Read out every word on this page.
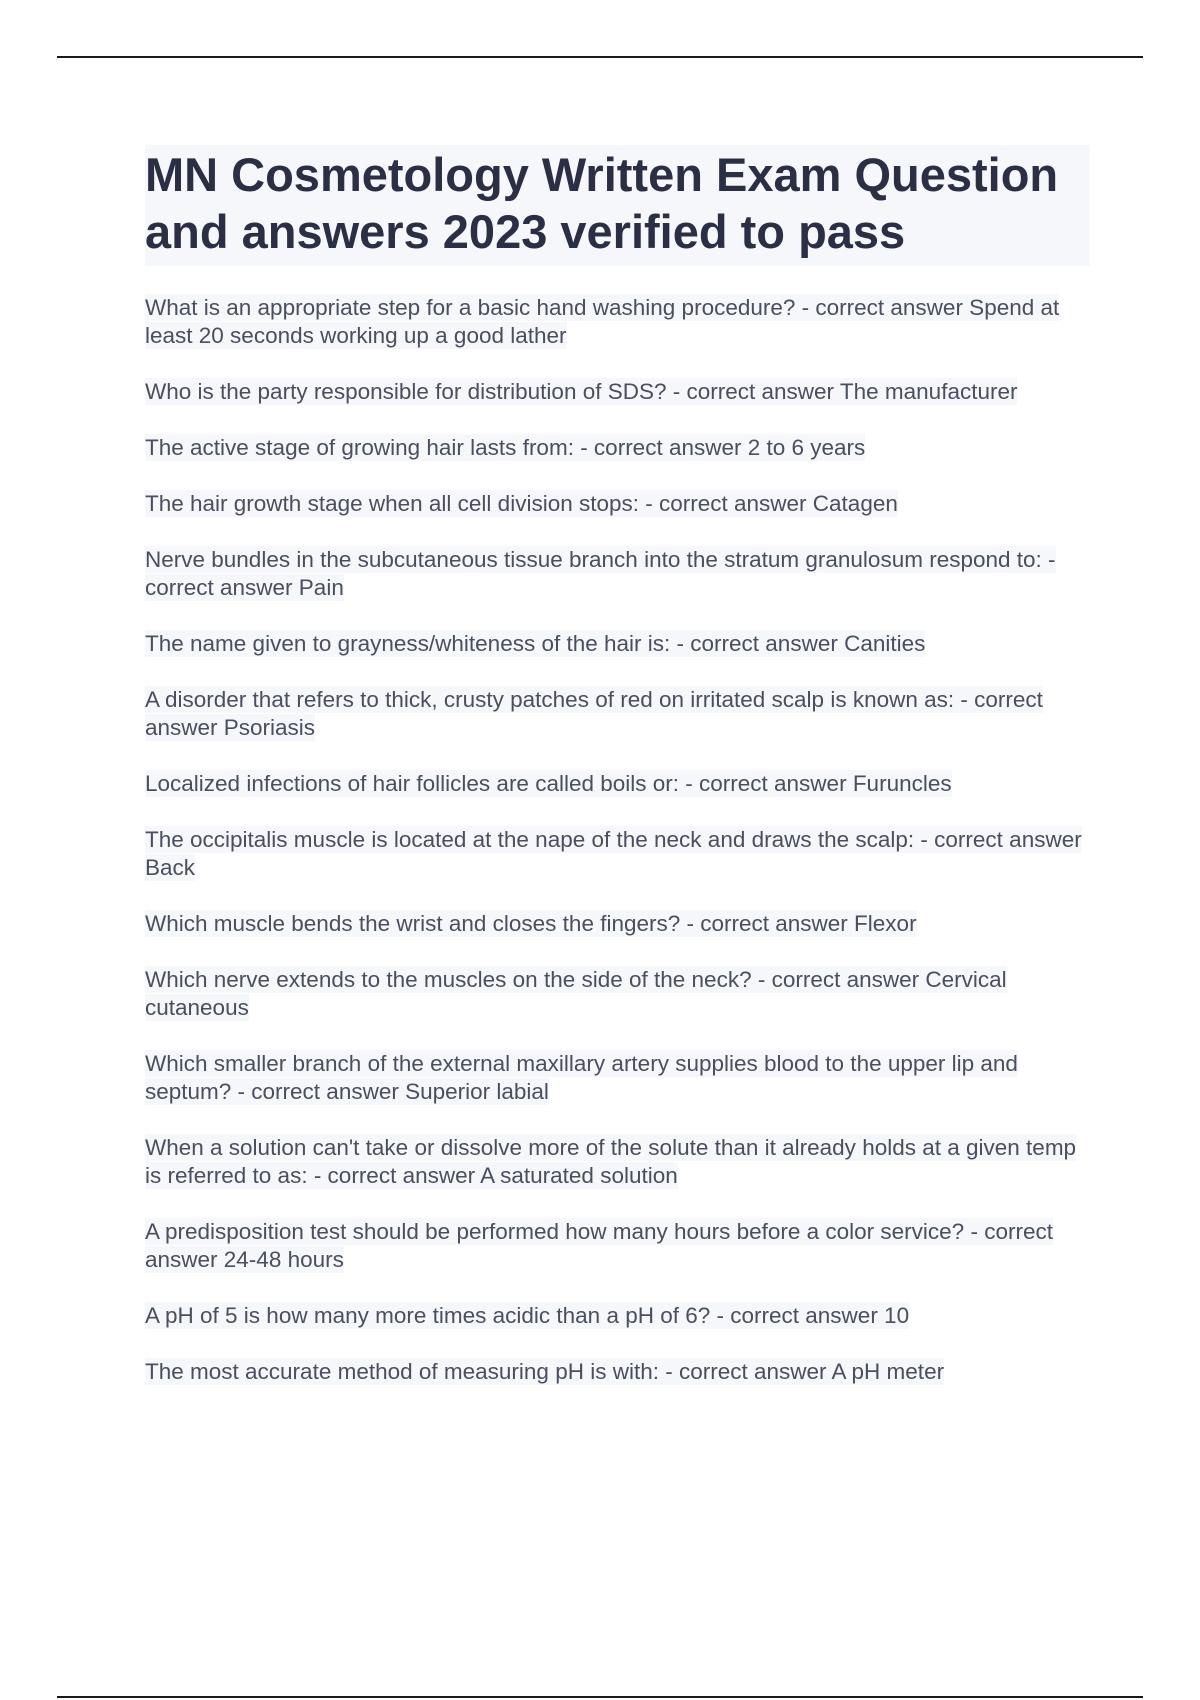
MN Cosmetology Written Exam Question and answers 2023 verified to pass

What is an appropriate step for a basic hand washing procedure? - correct answer Spend at least 20 seconds working up a good lather

Who is the party responsible for distribution of SDS? - correct answer The manufacturer

The active stage of growing hair lasts from: - correct answer 2 to 6 years

The hair growth stage when all cell division stops: - correct answer Catagen

Nerve bundles in the subcutaneous tissue branch into the stratum granulosum respond to: - correct answer Pain

The name given to grayness/whiteness of the hair is: - correct answer Canities

A disorder that refers to thick, crusty patches of red on irritated scalp is known as: - correct answer Psoriasis

Localized infections of hair follicles are called boils or: - correct answer Furuncles

The occipitalis muscle is located at the nape of the neck and draws the scalp: - correct answer Back

Which muscle bends the wrist and closes the fingers? - correct answer Flexor

Which nerve extends to the muscles on the side of the neck? - correct answer Cervical cutaneous

Which smaller branch of the external maxillary artery supplies blood to the upper lip and septum? - correct answer Superior labial

When a solution can't take or dissolve more of the solute than it already holds at a given temp is referred to as: - correct answer A saturated solution

A predisposition test should be performed how many hours before a color service? - correct answer 24-48 hours

A pH of 5 is how many more times acidic than a pH of 6? - correct answer 10

The most accurate method of measuring pH is with: - correct answer A pH meter
